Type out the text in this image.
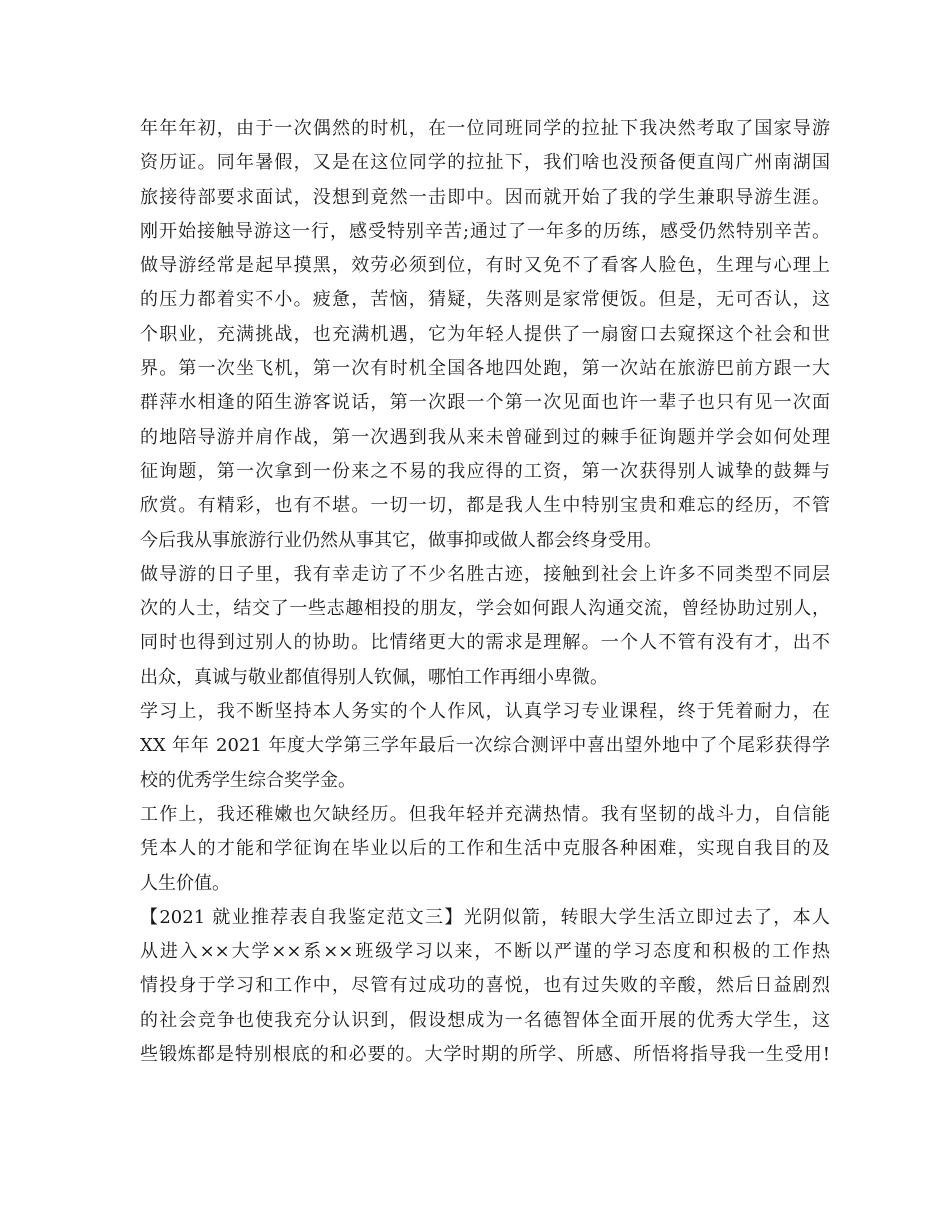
年年年初，由于一次偶然的时机，在一位同班同学的拉扯下我决然考取了国家导游
资历证。同年暑假，又是在这位同学的拉扯下，我们啥也没预备便直闯广州南湖国
旅接待部要求面试，没想到竟然一击即中。因而就开始了我的学生兼职导游生涯。
刚开始接触导游这一行，感受特别辛苦;通过了一年多的历练，感受仍然特别辛苦。
做导游经常是起早摸黑，效劳必须到位，有时又免不了看客人脸色，生理与心理上
的压力都着实不小。疲惫，苦恼，猜疑，失落则是家常便饭。但是，无可否认，这
个职业，充满挑战，也充满机遇，它为年轻人提供了一扇窗口去窥探这个社会和世
界。第一次坐飞机，第一次有时机全国各地四处跑，第一次站在旅游巴前方跟一大
群萍水相逢的陌生游客说话，第一次跟一个第一次见面也许一辈子也只有见一次面
的地陪导游并肩作战，第一次遇到我从来未曾碰到过的棘手征询题并学会如何处理
征询题，第一次拿到一份来之不易的我应得的工资，第一次获得别人诚挚的鼓舞与
欣赏。有精彩，也有不堪。一切一切，都是我人生中特别宝贵和难忘的经历，不管
今后我从事旅游行业仍然从事其它，做事抑或做人都会终身受用。
做导游的日子里，我有幸走访了不少名胜古迹，接触到社会上许多不同类型不同层
次的人士，结交了一些志趣相投的朋友，学会如何跟人沟通交流，曾经协助过别人，
同时也得到过别人的协助。比情绪更大的需求是理解。一个人不管有没有才，出不
出众，真诚与敬业都值得别人钦佩，哪怕工作再细小卑微。
学习上，我不断坚持本人务实的个人作风，认真学习专业课程，终于凭着耐力，在
XX 年年 2021 年度大学第三学年最后一次综合测评中喜出望外地中了个尾彩获得学
校的优秀学生综合奖学金。
工作上，我还稚嫩也欠缺经历。但我年轻并充满热情。我有坚韧的战斗力，自信能
凭本人的才能和学征询在毕业以后的工作和生活中克服各种困难，实现自我目的及
人生价值。
【2021 就业推荐表自我鉴定范文三】光阴似箭，转眼大学生活立即过去了，本人
从进入××大学××系××班级学习以来，不断以严谨的学习态度和积极的工作热
情投身于学习和工作中，尽管有过成功的喜悦，也有过失败的辛酸，然后日益剧烈
的社会竞争也使我充分认识到，假设想成为一名德智体全面开展的优秀大学生，这
些锻炼都是特别根底的和必要的。大学时期的所学、所感、所悟将指导我一生受用!
